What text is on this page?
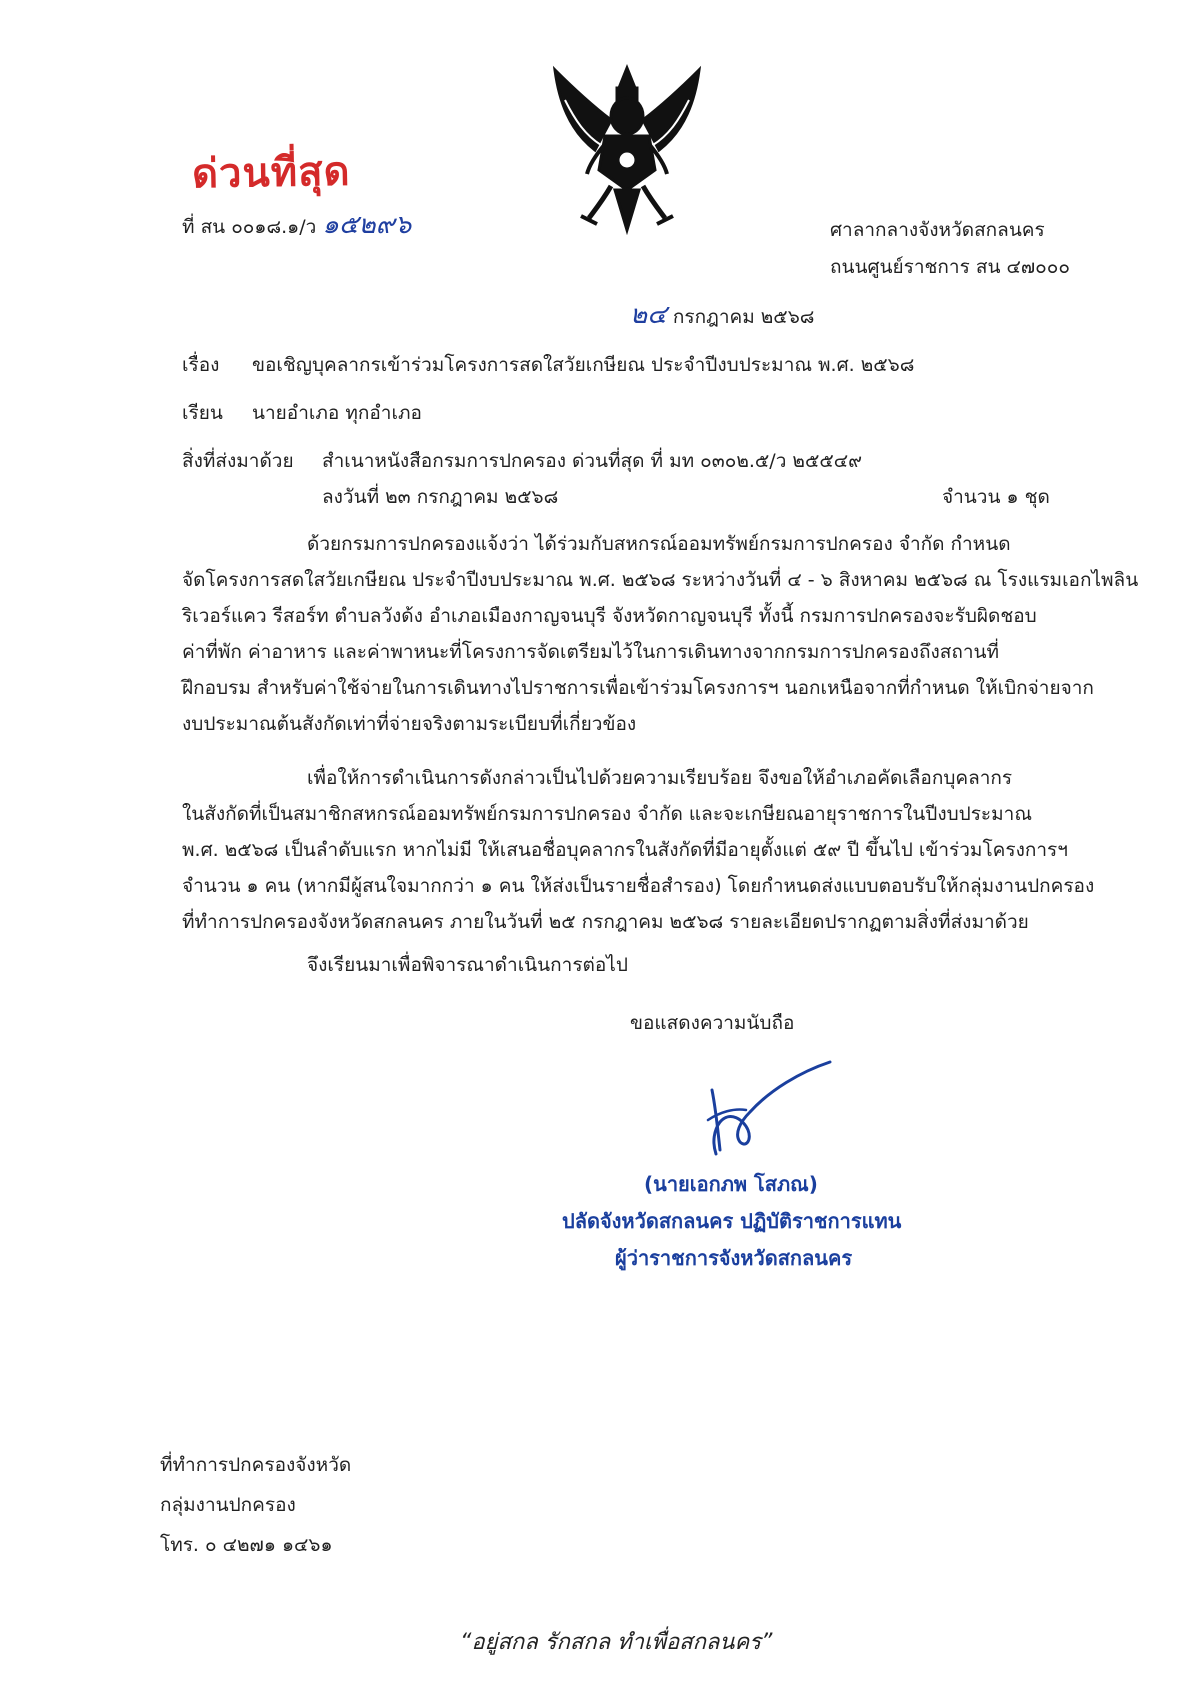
ด่วนที่สุด
ที่ สน ๐๐๑๘.๑/ว ๑๕๒๙๖	ศาลากลางจังหวัดสกลนคร
ถนนศูนย์ราชการ สน ๔๗๐๐๐
๒๔ กรกฎาคม ๒๕๖๘
เรื่อง ขอเชิญบุคลากรเข้าร่วมโครงการสดใสวัยเกษียณ ประจำปีงบประมาณ พ.ศ. ๒๕๖๘
เรียน นายอำเภอ ทุกอำเภอ
สิ่งที่ส่งมาด้วย สำเนาหนังสือกรมการปกครอง ด่วนที่สุด ที่ มท ๐๓๐๒.๕/ว ๒๕๕๔๙
ลงวันที่ ๒๓ กรกฎาคม ๒๕๖๘	จำนวน ๑ ชุด
ด้วยกรมการปกครองแจ้งว่า ได้ร่วมกับสหกรณ์ออมทรัพย์กรมการปกครอง จำกัด กำหนด
จัดโครงการสดใสวัยเกษียณ ประจำปีงบประมาณ พ.ศ. ๒๕๖๘ ระหว่างวันที่ ๔ - ๖ สิงหาคม ๒๕๖๘ ณ โรงแรมเอกไพลิน
ริเวอร์แคว รีสอร์ท ตำบลวังด้ง อำเภอเมืองกาญจนบุรี จังหวัดกาญจนบุรี ทั้งนี้ กรมการปกครองจะรับผิดชอบ
ค่าที่พัก ค่าอาหาร และค่าพาหนะที่โครงการจัดเตรียมไว้ในการเดินทางจากกรมการปกครองถึงสถานที่
ฝึกอบรม สำหรับค่าใช้จ่ายในการเดินทางไปราชการเพื่อเข้าร่วมโครงการฯ นอกเหนือจากที่กำหนด ให้เบิกจ่ายจาก
งบประมาณต้นสังกัดเท่าที่จ่ายจริงตามระเบียบที่เกี่ยวข้อง
เพื่อให้การดำเนินการดังกล่าวเป็นไปด้วยความเรียบร้อย จึงขอให้อำเภอคัดเลือกบุคลากร
ในสังกัดที่เป็นสมาชิกสหกรณ์ออมทรัพย์กรมการปกครอง จำกัด และจะเกษียณอายุราชการในปีงบประมาณ
พ.ศ. ๒๕๖๘ เป็นลำดับแรก หากไม่มี ให้เสนอชื่อบุคลากรในสังกัดที่มีอายุตั้งแต่ ๕๙ ปี ขึ้นไป เข้าร่วมโครงการฯ
จำนวน ๑ คน (หากมีผู้สนใจมากกว่า ๑ คน ให้ส่งเป็นรายชื่อสำรอง) โดยกำหนดส่งแบบตอบรับให้กลุ่มงานปกครอง
ที่ทำการปกครองจังหวัดสกลนคร ภายในวันที่ ๒๕ กรกฎาคม ๒๕๖๘ รายละเอียดปรากฏตามสิ่งที่ส่งมาด้วย
จึงเรียนมาเพื่อพิจารณาดำเนินการต่อไป
ขอแสดงความนับถือ
(นายเอกภพ โสภณ)
ปลัดจังหวัดสกลนคร ปฏิบัติราชการแทน
ผู้ว่าราชการจังหวัดสกลนคร
ที่ทำการปกครองจังหวัด
กลุ่มงานปกครอง
โทร. ๐ ๔๒๗๑ ๑๔๖๑
“อยู่สกล รักสกล ทำเพื่อสกลนคร”
